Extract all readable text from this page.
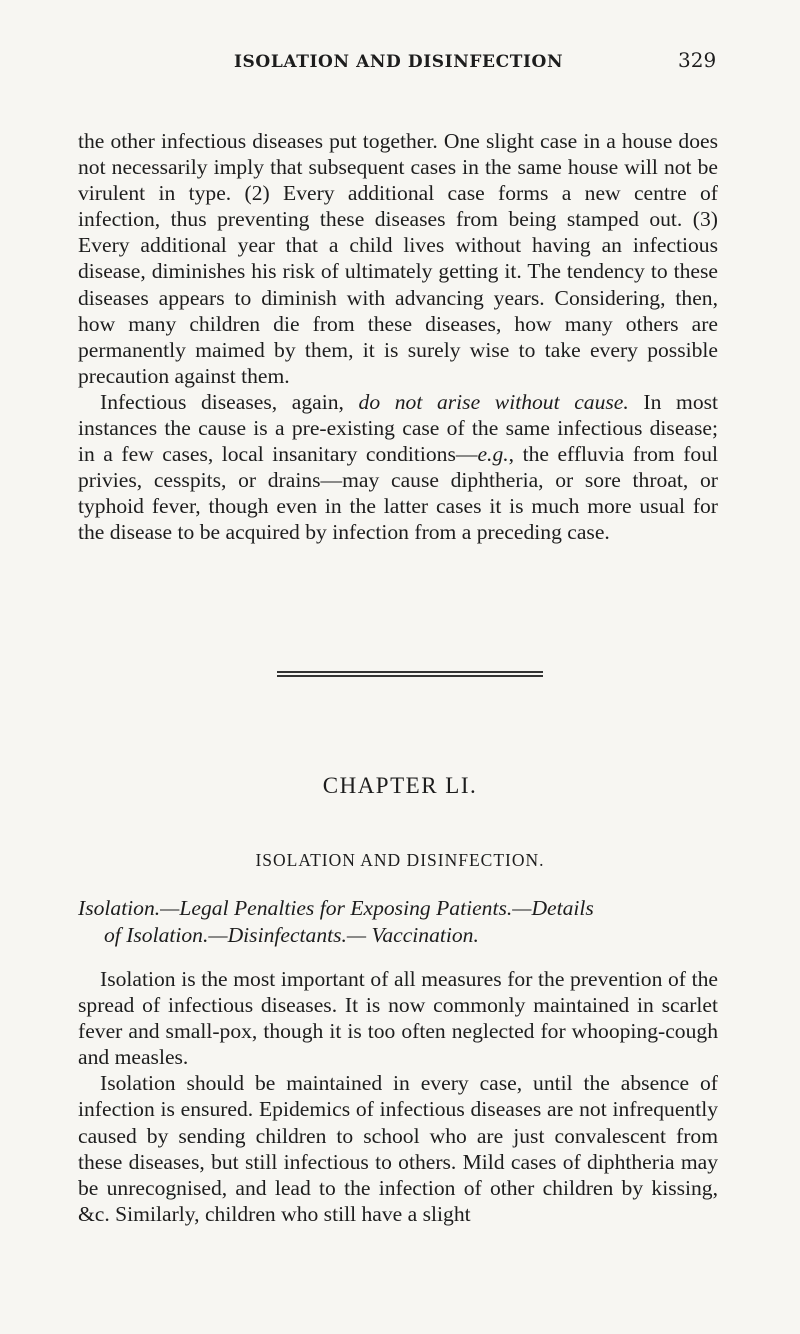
ISOLATION AND DISINFECTION	329

the other infectious diseases put together. One slight case in a house does not necessarily imply that subsequent cases in the same house will not be virulent in type. (2) Every additional case forms a new centre of infection, thus preventing these diseases from being stamped out. (3) Every additional year that a child lives without having an infectious disease, diminishes his risk of ultimately getting it. The tendency to these diseases appears to diminish with advancing years. Considering, then, how many children die from these diseases, how many others are permanently maimed by them, it is surely wise to take every possible precaution against them.

Infectious diseases, again, do not arise without cause. In most instances the cause is a pre-existing case of the same infectious disease; in a few cases, local insanitary conditions—e.g., the effluvia from foul privies, cesspits, or drains—may cause diphtheria, or sore throat, or typhoid fever, though even in the latter cases it is much more usual for the disease to be acquired by infection from a preceding case.

CHAPTER LI.
ISOLATION AND DISINFECTION.

Isolation.—Legal Penalties for Exposing Patients.—Details
of Isolation.—Disinfectants.— Vaccination.

Isolation is the most important of all measures for the prevention of the spread of infectious diseases. It is now commonly maintained in scarlet fever and small-pox, though it is too often neglected for whooping-cough and measles.

Isolation should be maintained in every case, until the absence of infection is ensured. Epidemics of infectious diseases are not infrequently caused by sending children to school who are just convalescent from these diseases, but still infectious to others. Mild cases of diphtheria may be unrecognised, and lead to the infection of other children by kissing, &c. Similarly, children who still have a slight
